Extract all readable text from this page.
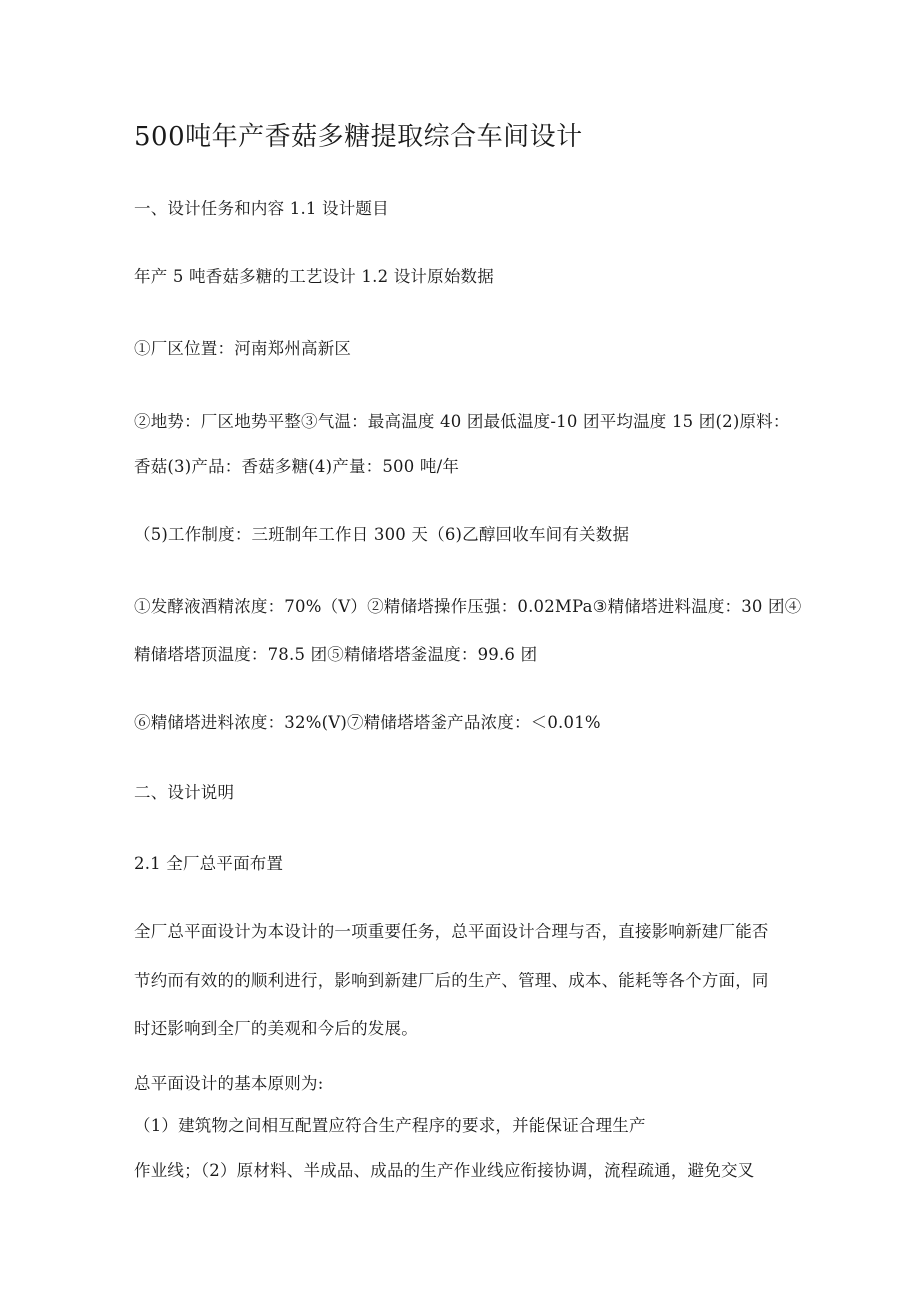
500吨年产香菇多糖提取综合车间设计
一、设计任务和内容 1.1 设计题目
年产 5 吨香菇多糖的工艺设计 1.2 设计原始数据
①厂区位置：河南郑州高新区
②地势：厂区地势平整③气温：最高温度 40 团最低温度-10 团平均温度 15 团(2)原料：
香菇(3)产品：香菇多糖(4)产量：500 吨/年
（5)工作制度：三班制年工作日 300 天（6)乙醇回收车间有关数据
①发酵液酒精浓度：70%（V）②精储塔操作压强：0.02MPa③精储塔进料温度：30 团④
精储塔塔顶温度：78.5 团⑤精储塔塔釜温度：99.6 团
⑥精储塔进料浓度：32%(V)⑦精储塔塔釜产品浓度：＜0.01%
二、设计说明
2.1 全厂总平面布置
全厂总平面设计为本设计的一项重要任务，总平面设计合理与否，直接影响新建厂能否
节约而有效的的顺利进行，影响到新建厂后的生产、管理、成本、能耗等各个方面，同
时还影响到全厂的美观和今后的发展。
总平面设计的基本原则为:
（1）建筑物之间相互配置应符合生产程序的要求，并能保证合理生产
作业线；（2）原材料、半成品、成品的生产作业线应衔接协调，流程疏通，避免交叉
